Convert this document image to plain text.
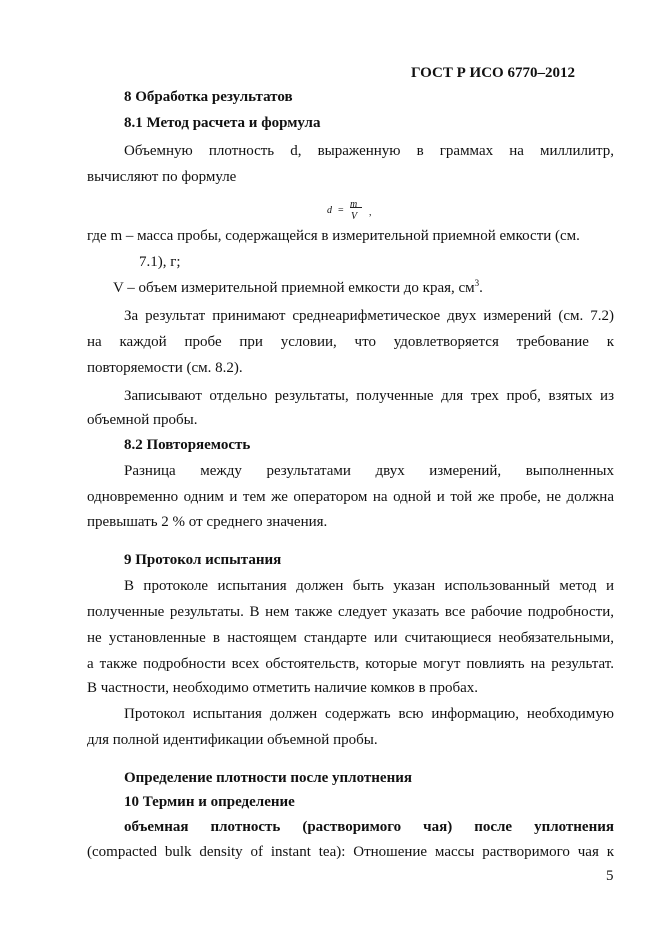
ГОСТ Р ИСО 6770–2012
8 Обработка результатов
8.1 Метод расчета и формула
Объемную плотность d, выраженную в граммах на миллилитр,
вычисляют по формуле
d =
m
V ,
где m – масса пробы, содержащейся в измерительной приемной емкости (см.
7.1), г;
V – объем измерительной приемной емкости до края, $см^3$.
За результат принимают среднеарифметическое двух измерений (см. 7.2)
на каждой пробе при условии, что удовлетворяется требование к
повторяемости (см. 8.2).
Записывают отдельно результаты, полученные для трех проб, взятых из
объемной пробы.
8.2 Повторяемость
Разница между результатами двух измерений, выполненных
одновременно одним и тем же оператором на одной и той же пробе, не должна
превышать 2 % от среднего значения.
9 Протокол испытания
В протоколе испытания должен быть указан использованный метод и
полученные результаты. В нем также следует указать все рабочие подробности,
не установленные в настоящем стандарте или считающиеся необязательными,
а также подробности всех обстоятельств, которые могут повлиять на результат.
В частности, необходимо отметить наличие комков в пробах.
Протокол испытания должен содержать всю информацию, необходимую
для полной идентификации объемной пробы.
Определение плотности после уплотнения
10 Термин и определение
объемная плотность (растворимого чая) после уплотнения
(compacted bulk density of instant tea): Отношение массы растворимого чая к
5
